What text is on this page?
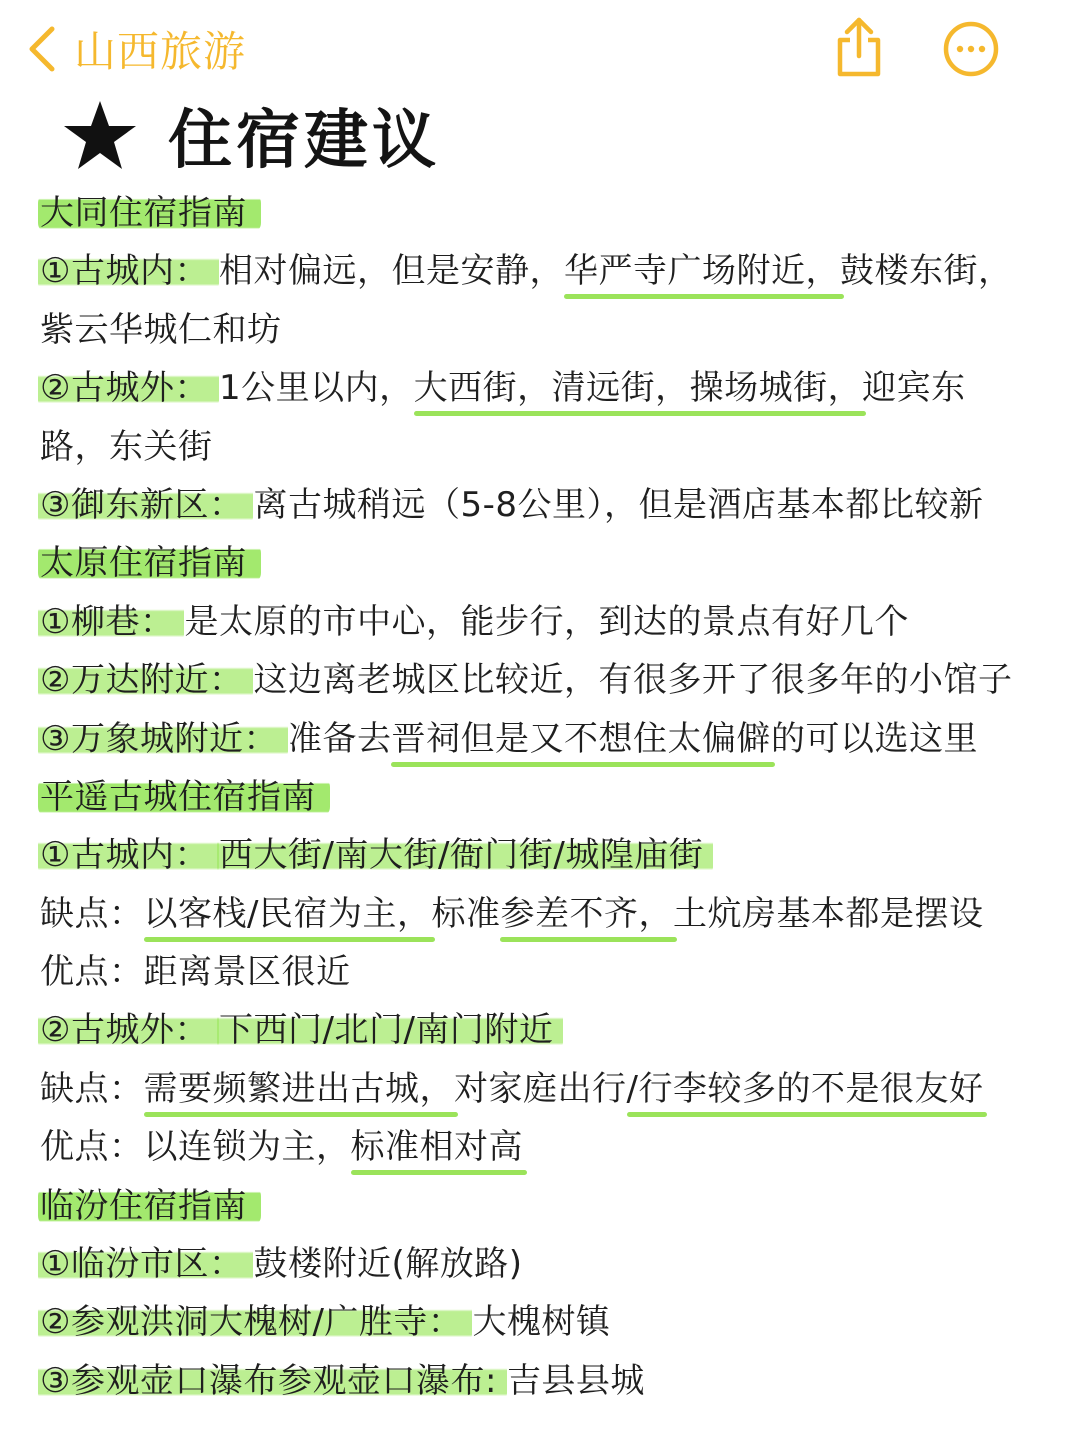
山西旅游
住宿建议
大同住宿指南
①古城内： 相对偏远，但是安静，华严寺广场附近，鼓楼东街，
紫云华城仁和坊
②古城外： 1公里以内，大西街，清远街，操场城街，迎宾东
路，东关街
③御东新区： 离古城稍远（5-8公里），但是酒店基本都比较新
太原住宿指南
①柳巷： 是太原的市中心，能步行，到达的景点有好几个
②万达附近： 这边离老城区比较近，有很多开了很多年的小馆子
③万象城附近： 准备去晋祠但是又不想住太偏僻的可以选这里
平遥古城住宿指南
①古城内： 西大街/南大街/衙门街/城隍庙街
缺点：以客栈/民宿为主，标准参差不齐，土炕房基本都是摆设
优点：距离景区很近
②古城外： 下西门/北门/南门附近
缺点：需要频繁进出古城，对家庭出行/行李较多的不是很友好
优点：以连锁为主，标准相对高
临汾住宿指南
①临汾市区： 鼓楼附近(解放路)
②参观洪洞大槐树/广胜寺： 大槐树镇
③参观壶口瀑布参观壶口瀑布: 吉县县城
